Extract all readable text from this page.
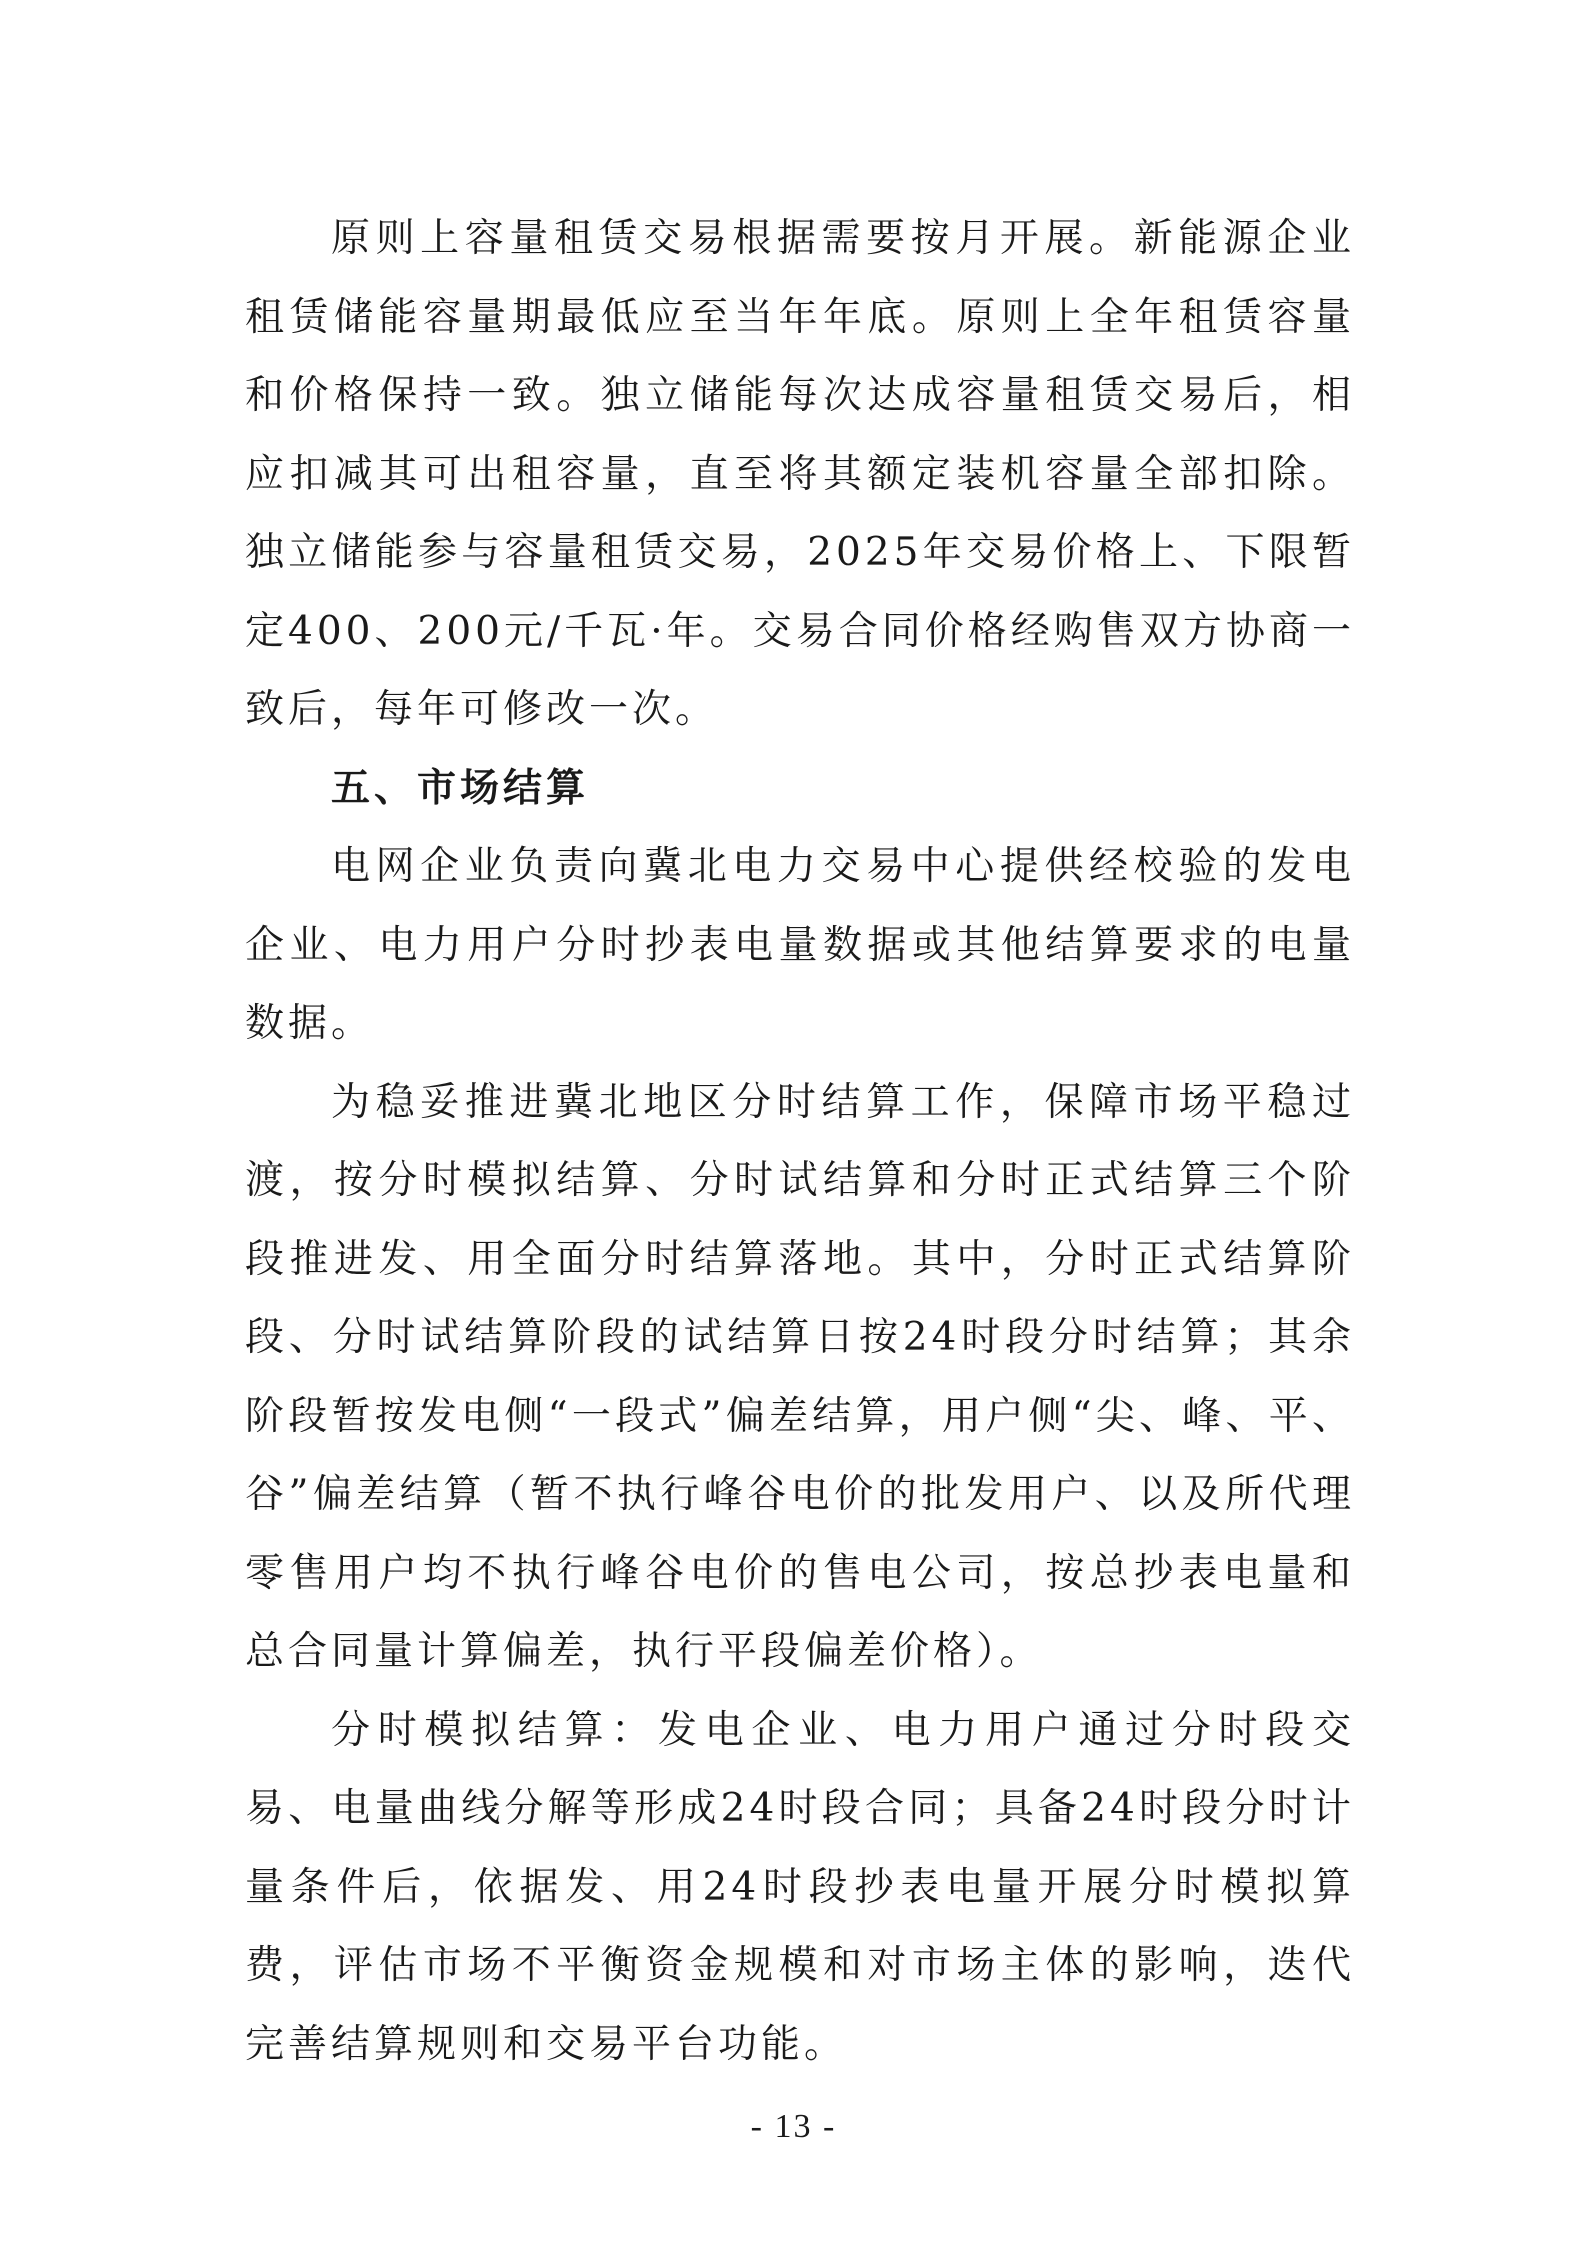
原则上容量租赁交易根据需要按月开展。新能源企业租赁储能容量期最低应至当年年底。原则上全年租赁容量和价格保持一致。独立储能每次达成容量租赁交易后，相应扣减其可出租容量，直至将其额定装机容量全部扣除。独立储能参与容量租赁交易，2025年交易价格上、下限暂定400、200元/千瓦·年。交易合同价格经购售双方协商一致后，每年可修改一次。

五、市场结算

电网企业负责向冀北电力交易中心提供经校验的发电企业、电力用户分时抄表电量数据或其他结算要求的电量数据。

为稳妥推进冀北地区分时结算工作，保障市场平稳过渡，按分时模拟结算、分时试结算和分时正式结算三个阶段推进发、用全面分时结算落地。其中，分时正式结算阶段、分时试结算阶段的试结算日按24时段分时结算；其余阶段暂按发电侧“一段式”偏差结算，用户侧“尖、峰、平、谷”偏差结算（暂不执行峰谷电价的批发用户、以及所代理零售用户均不执行峰谷电价的售电公司，按总抄表电量和总合同量计算偏差，执行平段偏差价格）。

分时模拟结算：发电企业、电力用户通过分时段交易、电量曲线分解等形成24时段合同；具备24时段分时计量条件后，依据发、用24时段抄表电量开展分时模拟算费，评估市场不平衡资金规模和对市场主体的影响，迭代完善结算规则和交易平台功能。

- 13 -
